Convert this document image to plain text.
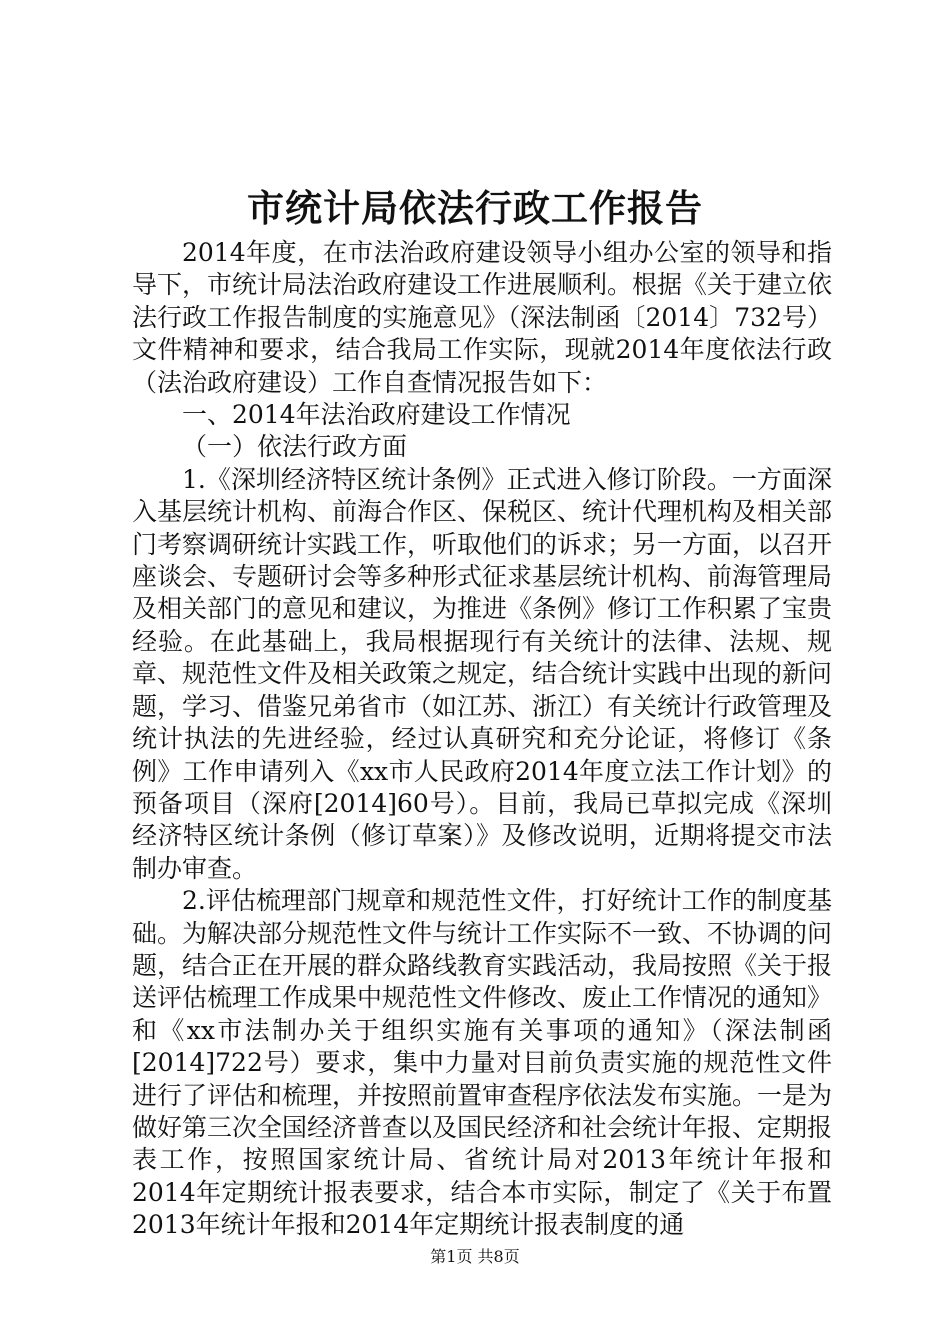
市统计局依法行政工作报告

2014年度，在市法治政府建设领导小组办公室的领导和指导下，市统计局法治政府建设工作进展顺利。根据《关于建立依法行政工作报告制度的实施意见》（深法制函〔2014〕732号）文件精神和要求，结合我局工作实际，现就2014年度依法行政（法治政府建设）工作自查情况报告如下：

一、2014年法治政府建设工作情况

（一）依法行政方面

1.《深圳经济特区统计条例》正式进入修订阶段。一方面深入基层统计机构、前海合作区、保税区、统计代理机构及相关部门考察调研统计实践工作，听取他们的诉求；另一方面，以召开座谈会、专题研讨会等多种形式征求基层统计机构、前海管理局及相关部门的意见和建议，为推进《条例》修订工作积累了宝贵经验。在此基础上，我局根据现行有关统计的法律、法规、规章、规范性文件及相关政策之规定，结合统计实践中出现的新问题，学习、借鉴兄弟省市（如江苏、浙江）有关统计行政管理及统计执法的先进经验，经过认真研究和充分论证，将修订《条例》工作申请列入《xx市人民政府2014年度立法工作计划》的预备项目（深府[2014]60号）。目前，我局已草拟完成《深圳经济特区统计条例（修订草案）》及修改说明，近期将提交市法制办审查。

2.评估梳理部门规章和规范性文件，打好统计工作的制度基础。为解决部分规范性文件与统计工作实际不一致、不协调的问题，结合正在开展的群众路线教育实践活动，我局按照《关于报送评估梳理工作成果中规范性文件修改、废止工作情况的通知》和《xx市法制办关于组织实施有关事项的通知》（深法制函[2014]722号）要求，集中力量对目前负责实施的规范性文件进行了评估和梳理，并按照前置审查程序依法发布实施。一是为做好第三次全国经济普查以及国民经济和社会统计年报、定期报表工作，按照国家统计局、省统计局对2013年统计年报和2014年定期统计报表要求，结合本市实际，制定了《关于布置2013年统计年报和2014年定期统计报表制度的通

第1页 共8页
